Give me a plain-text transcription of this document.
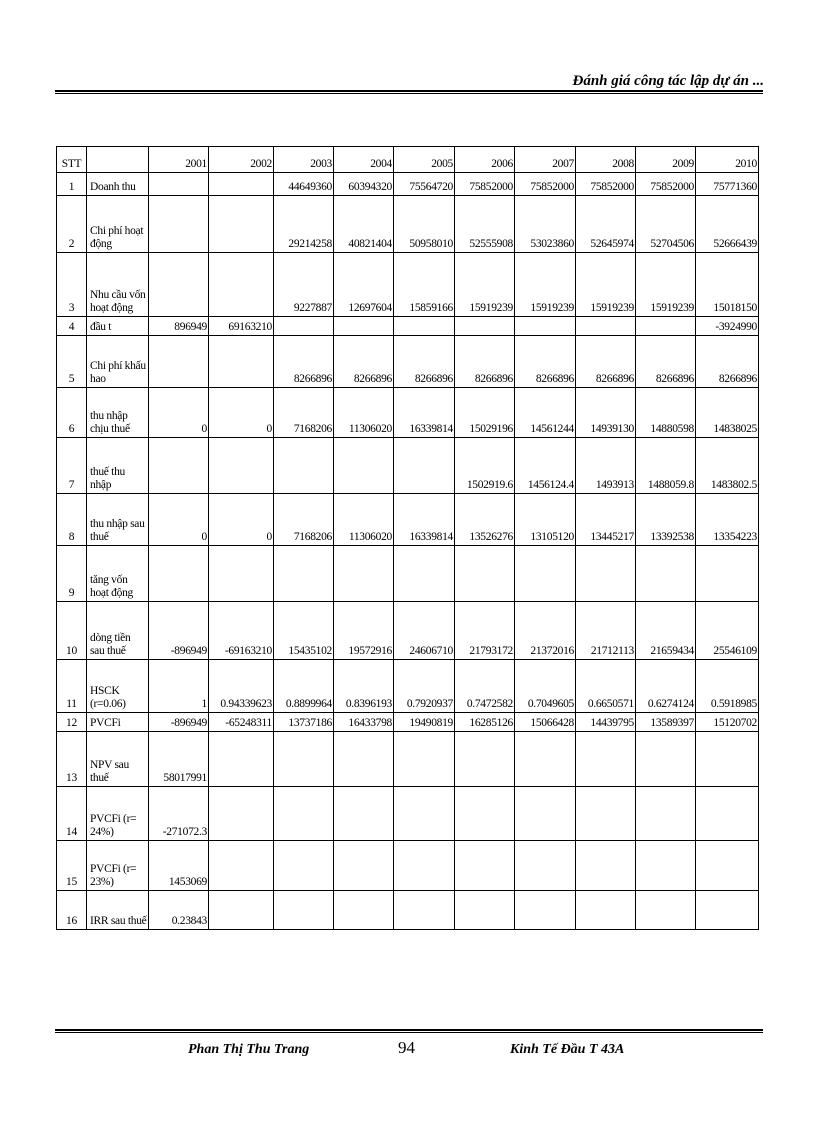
Đánh giá công tác lập dự án ...
STT		2001	2002	2003	2004	2005	2006	2007	2008	2009	2010
1	Doanh thu			44649360	60394320	75564720	75852000	75852000	75852000	75852000	75771360
2	Chi phí hoạt động			29214258	40821404	50958010	52555908	53023860	52645974	52704506	52666439
3	Nhu cầu vốn hoạt động			9227887	12697604	15859166	15919239	15919239	15919239	15919239	15018150
4	đầu t	896949	69163210								-3924990
5	Chi phí khấu hao			8266896	8266896	8266896	8266896	8266896	8266896	8266896	8266896
6	thu nhập chịu thuế	0	0	7168206	11306020	16339814	15029196	14561244	14939130	14880598	14838025
7	thuế thu nhập						1502919.6	1456124.4	1493913	1488059.8	1483802.5
8	thu nhập sau thuế	0	0	7168206	11306020	16339814	13526276	13105120	13445217	13392538	13354223
9	tăng vốn hoạt động										
10	dòng tiền sau thuế	-896949	-69163210	15435102	19572916	24606710	21793172	21372016	21712113	21659434	25546109
11	HSCK (r=0.06)	1	0.94339623	0.8899964	0.8396193	0.7920937	0.7472582	0.7049605	0.6650571	0.6274124	0.5918985
12	PVCFi	-896949	-65248311	13737186	16433798	19490819	16285126	15066428	14439795	13589397	15120702
13	NPV sau thuế	58017991									
14	PVCFi (r= 24%)	-271072.3									
15	PVCFi (r= 23%)	1453069									
16	IRR sau thuế	0.23843									
Phan Thị Thu Trang	94	Kinh Tế Đầu T 43A
